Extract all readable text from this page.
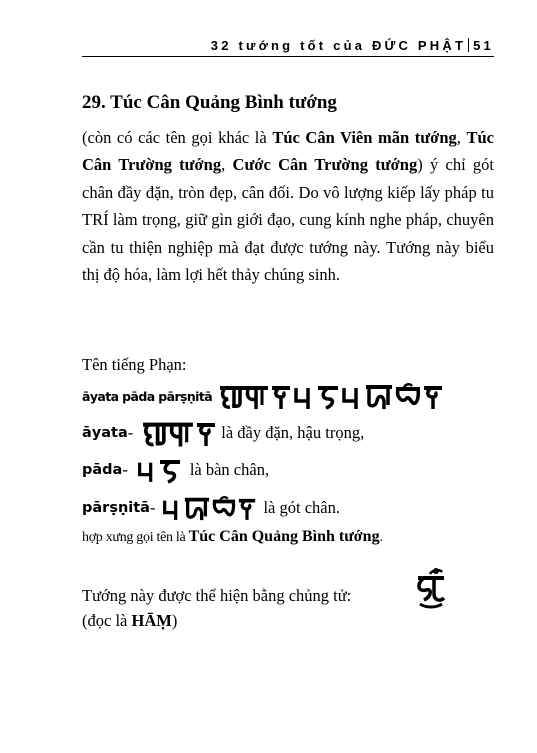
32 tướng tốt của ĐỨC PHẬT 51
29. Túc Cân Quảng Bình tướng
(còn có các tên gọi khác là Túc Cân Viên mãn tướng, Túc Cân Trường tướng, Cước Cân Trường tướng) ý chỉ gót chân đầy đặn, tròn đẹp, cân đối. Do vô lượng kiếp lấy pháp tu TRÍ làm trọng, giữ gìn giới đạo, cung kính nghe pháp, chuyên cần tu thiện nghiệp mà đạt được tướng này. Tướng này biểu thị độ hóa, làm lợi hết thảy chúng sinh.
Tên tiếng Phạn:
āyata pāda pārṣṇitā
āyata -	là đầy đặn, hậu trọng,
pāda -	là bàn chân,
pārṣṇitā -	là gót chân.
hợp xưng gọi tên là Túc Cân Quảng Bình tướng.
Tướng này được thể hiện bằng chủng tử:
(đọc là HĀṂ)
